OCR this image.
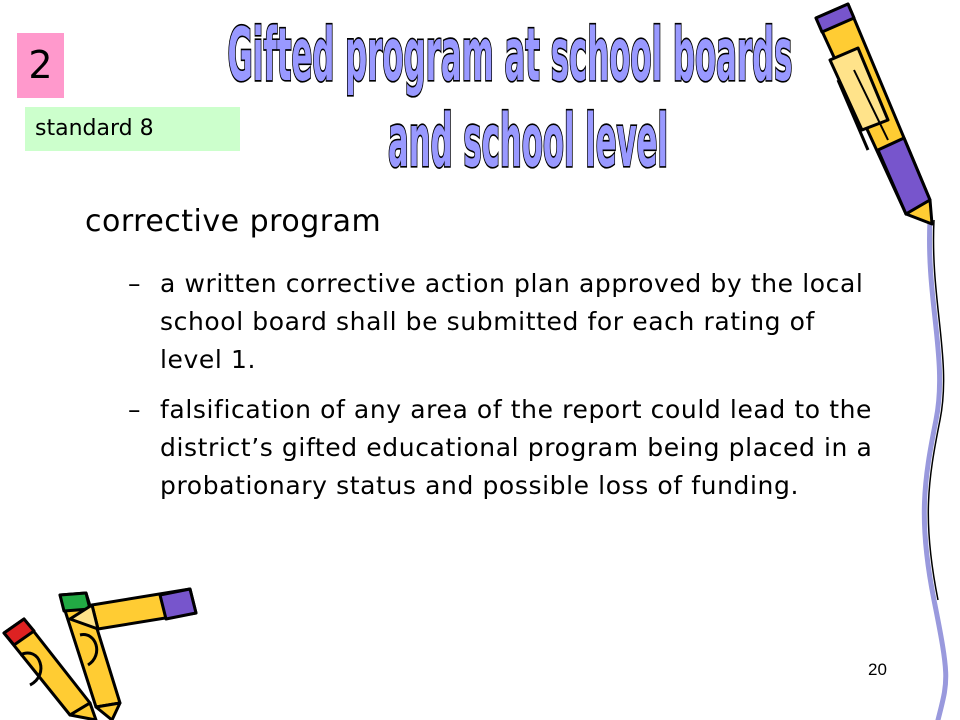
2
standard 8
Gifted program at school boards
and school level
corrective program
– a written corrective action plan approved by the local school board shall be submitted for each rating of level 1.
– falsification of any area of the report could lead to the district’s gifted educational program being placed in a probationary status and possible loss of funding.
20
